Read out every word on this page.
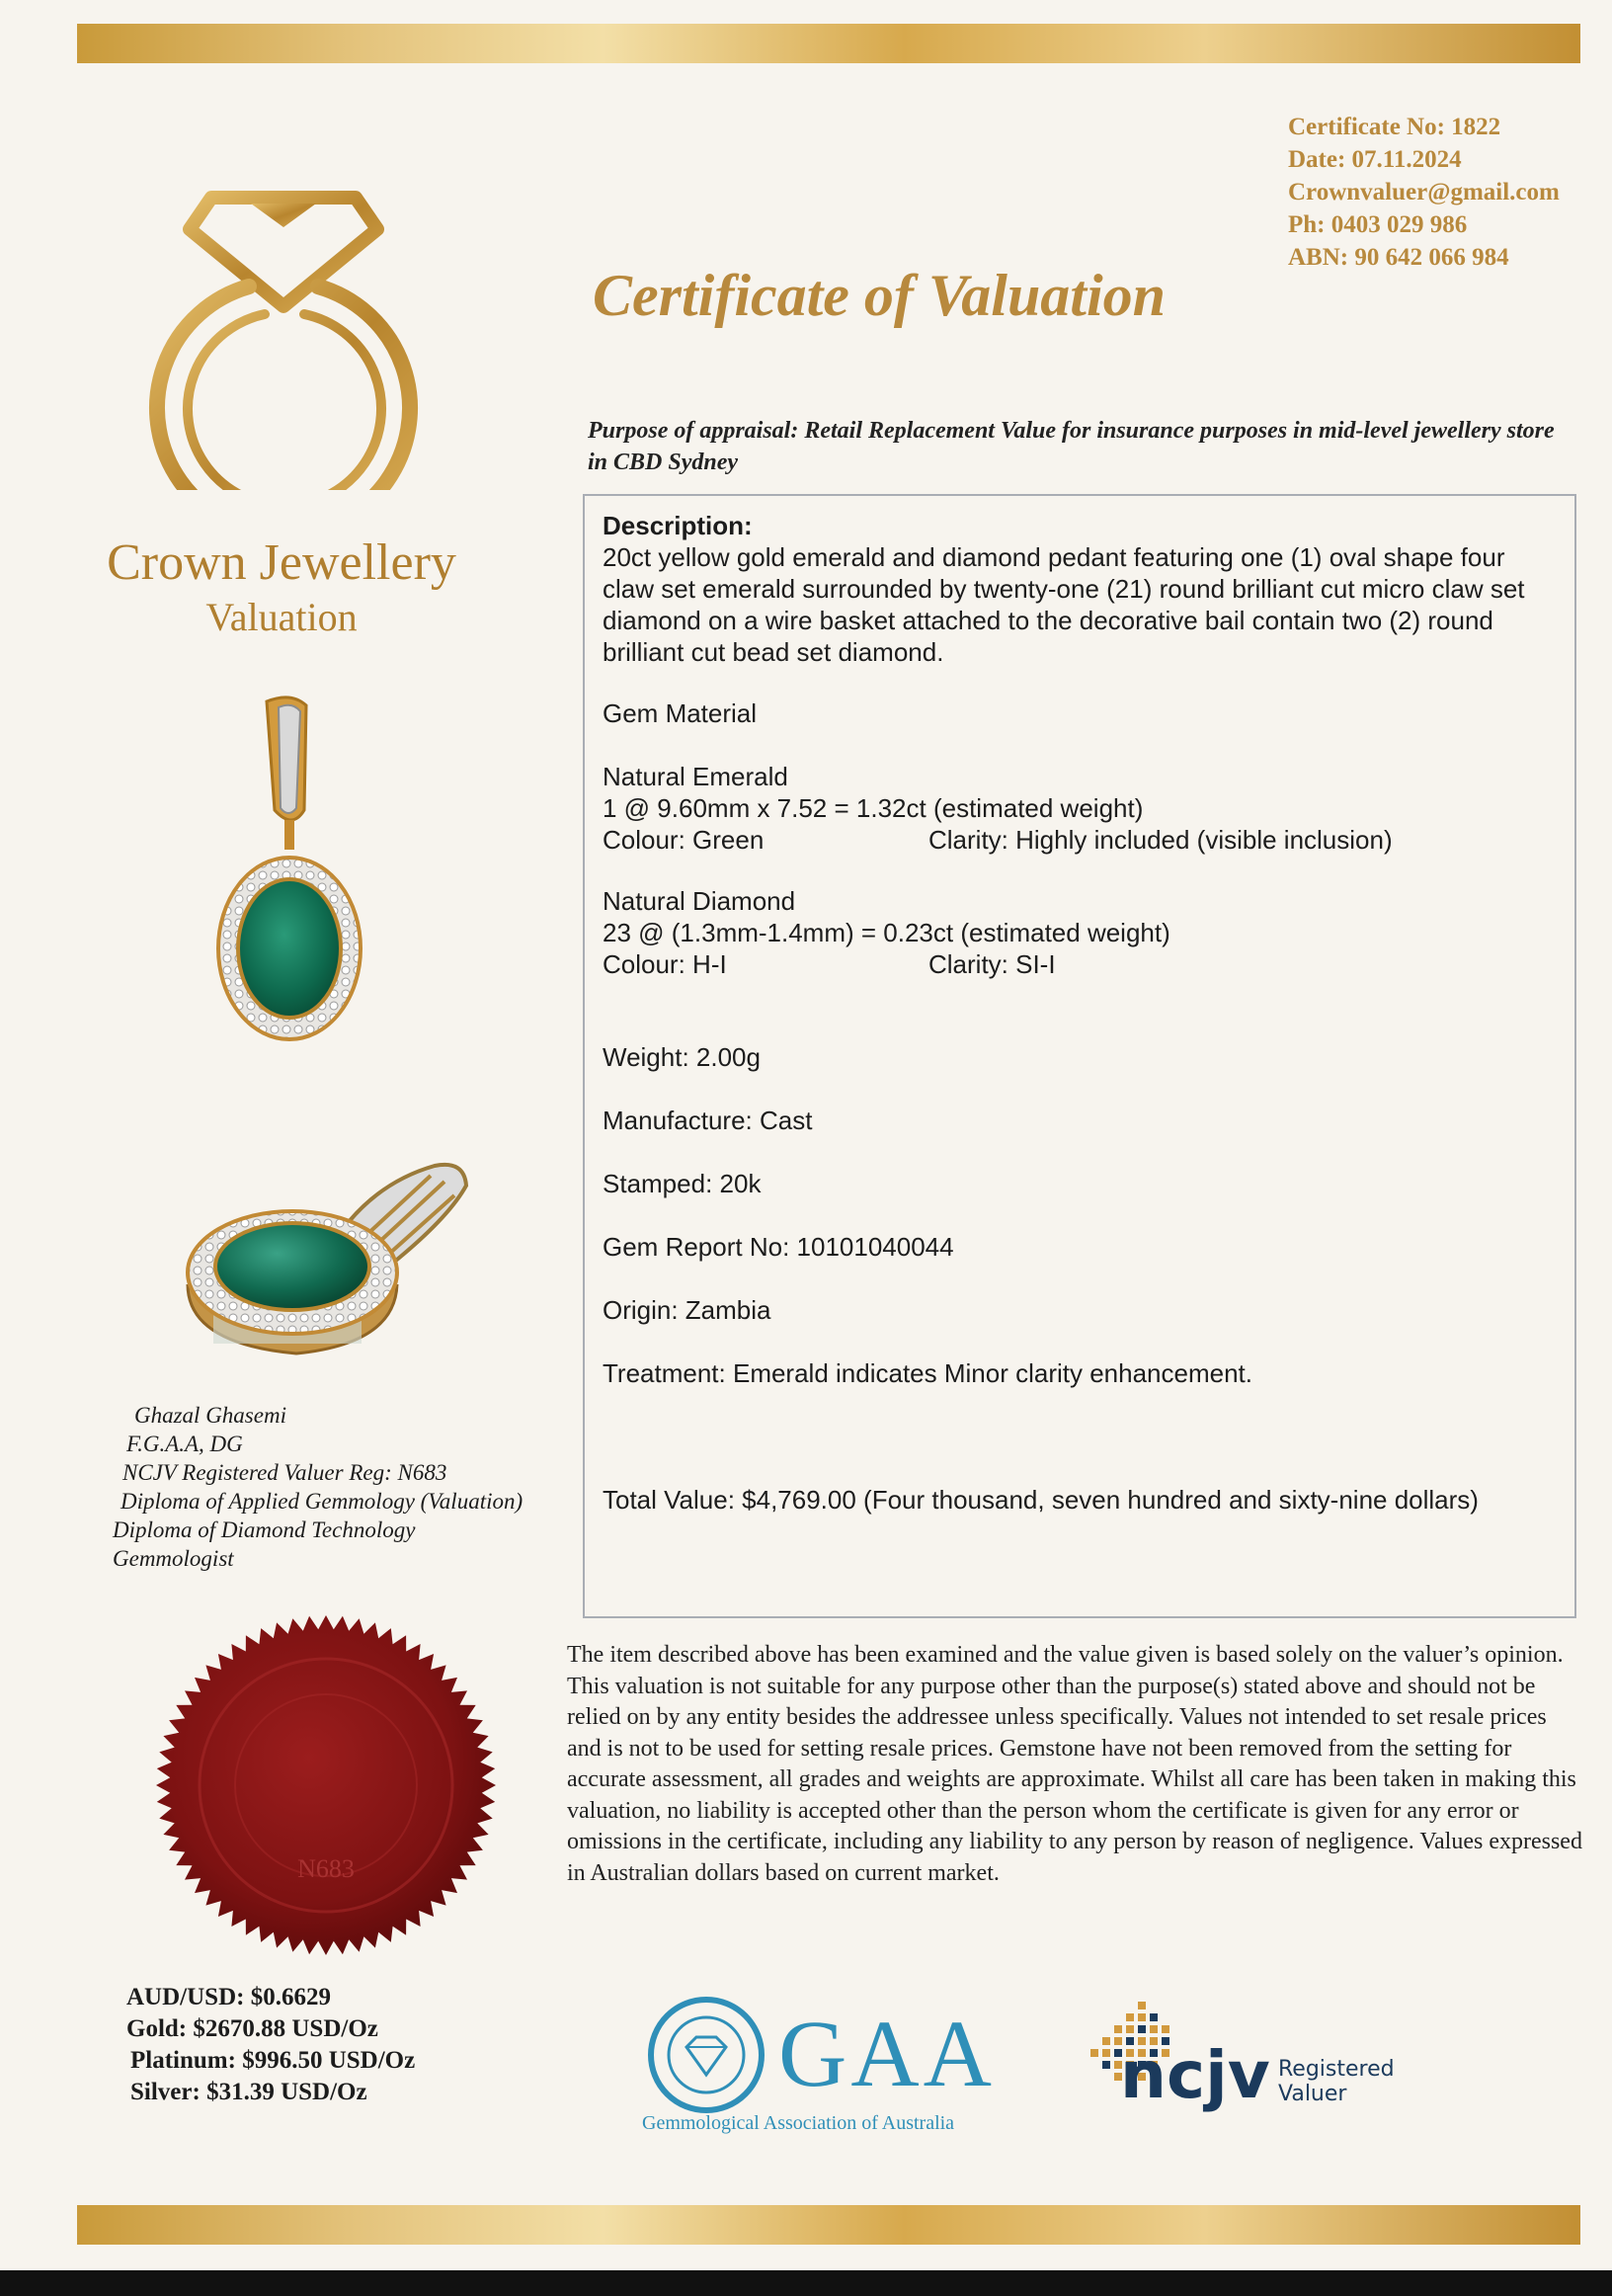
Certificate No: 1822
Date: 07.11.2024
Crownvaluer@gmail.com
Ph: 0403 029 986
ABN: 90 642 066 984
Certificate of Valuation
Crown Jewellery
Valuation
Purpose of appraisal: Retail Replacement Value for insurance purposes in mid-level jewellery store in CBD Sydney
Description:
20ct yellow gold emerald and diamond pedant featuring one (1) oval shape four claw set emerald surrounded by twenty-one (21) round brilliant cut micro claw set diamond on a wire basket attached to the decorative bail contain two (2) round brilliant cut bead set diamond.
Gem Material
Natural Emerald
1 @ 9.60mm x 7.52 = 1.32ct (estimated weight)
Colour: Green	Clarity: Highly included (visible inclusion)
Natural Diamond
23 @ (1.3mm-1.4mm) = 0.23ct (estimated weight)
Colour: H-I	Clarity: SI-I
Weight: 2.00g
Manufacture: Cast
Stamped: 20k
Gem Report No: 10101040044
Origin: Zambia
Treatment: Emerald indicates Minor clarity enhancement.
Total Value: $4,769.00 (Four thousand, seven hundred and sixty-nine dollars)
Ghazal Ghasemi
F.G.A.A, DG
NCJV Registered Valuer Reg: N683
Diploma of Applied Gemmology (Valuation)
Diploma of Diamond Technology
Gemmologist
N683
The item described above has been examined and the value given is based solely on the valuer’s opinion. This valuation is not suitable for any purpose other than the purpose(s) stated above and should not be relied on by any entity besides the addressee unless specifically. Values not intended to set resale prices and is not to be used for setting resale prices. Gemstone have not been removed from the setting for accurate assessment, all grades and weights are approximate. Whilst all care has been taken in making this valuation, no liability is accepted other than the person whom the certificate is given for any error or omissions in the certificate, including any liability to any person by reason of negligence. Values expressed in Australian dollars based on current market.
AUD/USD: $0.6629
Gold: $2670.88 USD/Oz
Platinum: $996.50 USD/Oz
Silver: $31.39 USD/Oz	GAA
Gemmological Association of Australia
ncjv Registered
Valuer
